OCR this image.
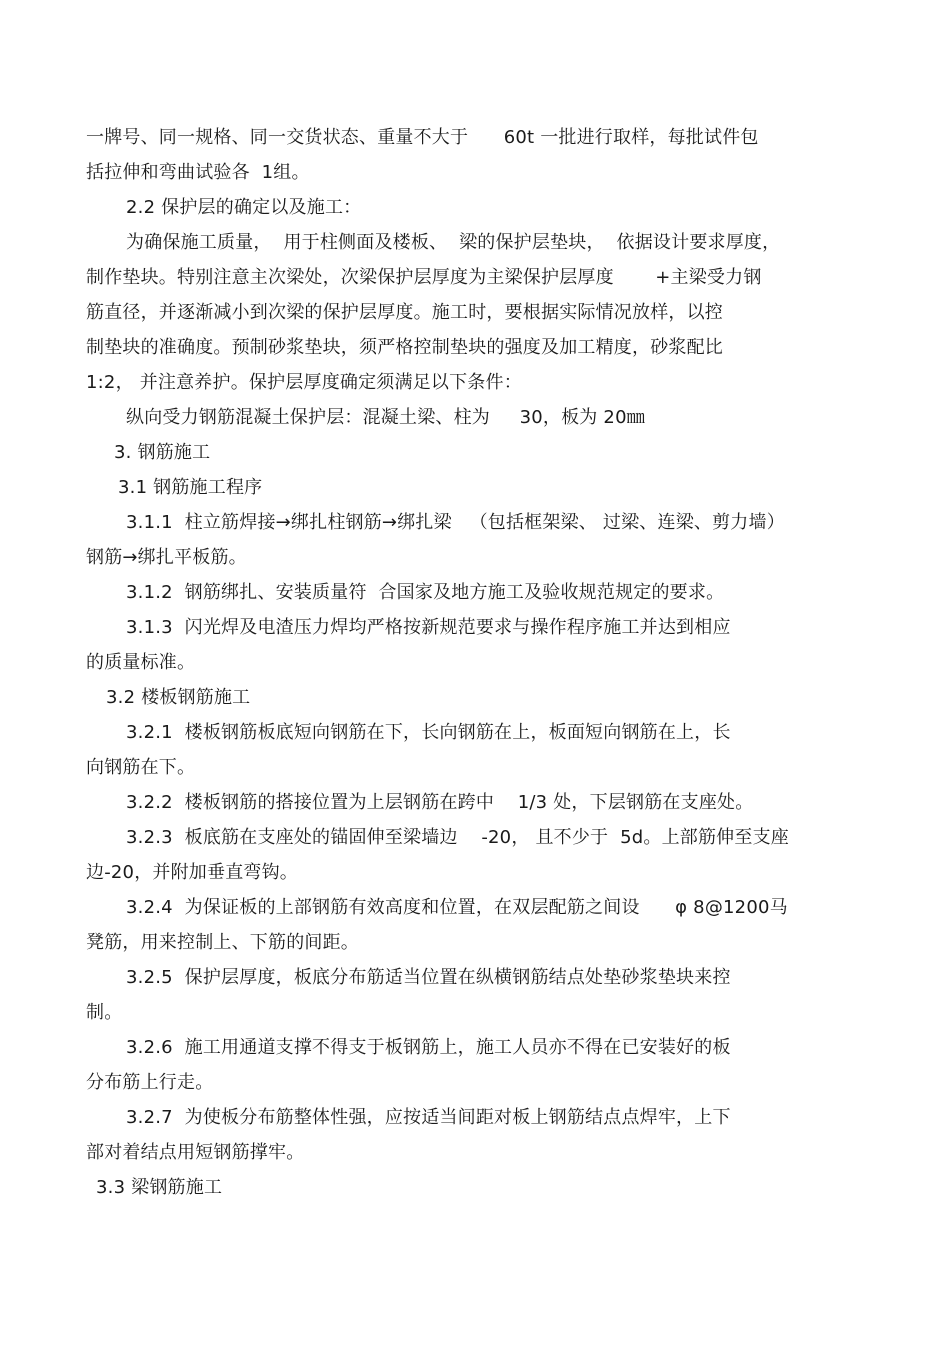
一牌号、同一规格、同一交货状态、重量不大于      60t 一批进行取样，每批试件包
括拉伸和弯曲试验各  1组。
2.2 保护层的确定以及施工：
为确保施工质量，  用于柱侧面及楼板、  梁的保护层垫块，  依据设计要求厚度，
制作垫块。特别注意主次梁处，次梁保护层厚度为主梁保护层厚度       +主梁受力钢
筋直径，并逐渐减小到次梁的保护层厚度。施工时，要根据实际情况放样，以控
制垫块的准确度。预制砂浆垫块，须严格控制垫块的强度及加工精度，砂浆配比
1:2， 并注意养护。保护层厚度确定须满足以下条件：
纵向受力钢筋混凝土保护层：混凝土梁、柱为     30，板为 20㎜
3. 钢筋施工
3.1 钢筋施工程序
3.1.1  柱立筋焊接→绑扎柱钢筋→绑扎梁   （包括框架梁、 过梁、连梁、剪力墙）
钢筋→绑扎平板筋。
3.1.2  钢筋绑扎、安装质量符  合国家及地方施工及验收规范规定的要求。
3.1.3  闪光焊及电渣压力焊均严格按新规范要求与操作程序施工并达到相应
的质量标准。
3.2 楼板钢筋施工
3.2.1  楼板钢筋板底短向钢筋在下，长向钢筋在上，板面短向钢筋在上，长
向钢筋在下。
3.2.2  楼板钢筋的搭接位置为上层钢筋在跨中    1/3 处，下层钢筋在支座处。
3.2.3  板底筋在支座处的锚固伸至梁墙边    -20， 且不少于  5d。上部筋伸至支座
边-20，并附加垂直弯钩。
3.2.4  为保证板的上部钢筋有效高度和位置，在双层配筋之间设      φ 8@1200马
凳筋，用来控制上、下筋的间距。
3.2.5  保护层厚度，板底分布筋适当位置在纵横钢筋结点处垫砂浆垫块来控
制。
3.2.6  施工用通道支撑不得支于板钢筋上，施工人员亦不得在已安装好的板
分布筋上行走。
3.2.7  为使板分布筋整体性强，应按适当间距对板上钢筋结点点焊牢，上下
部对着结点用短钢筋撑牢。
3.3 梁钢筋施工
